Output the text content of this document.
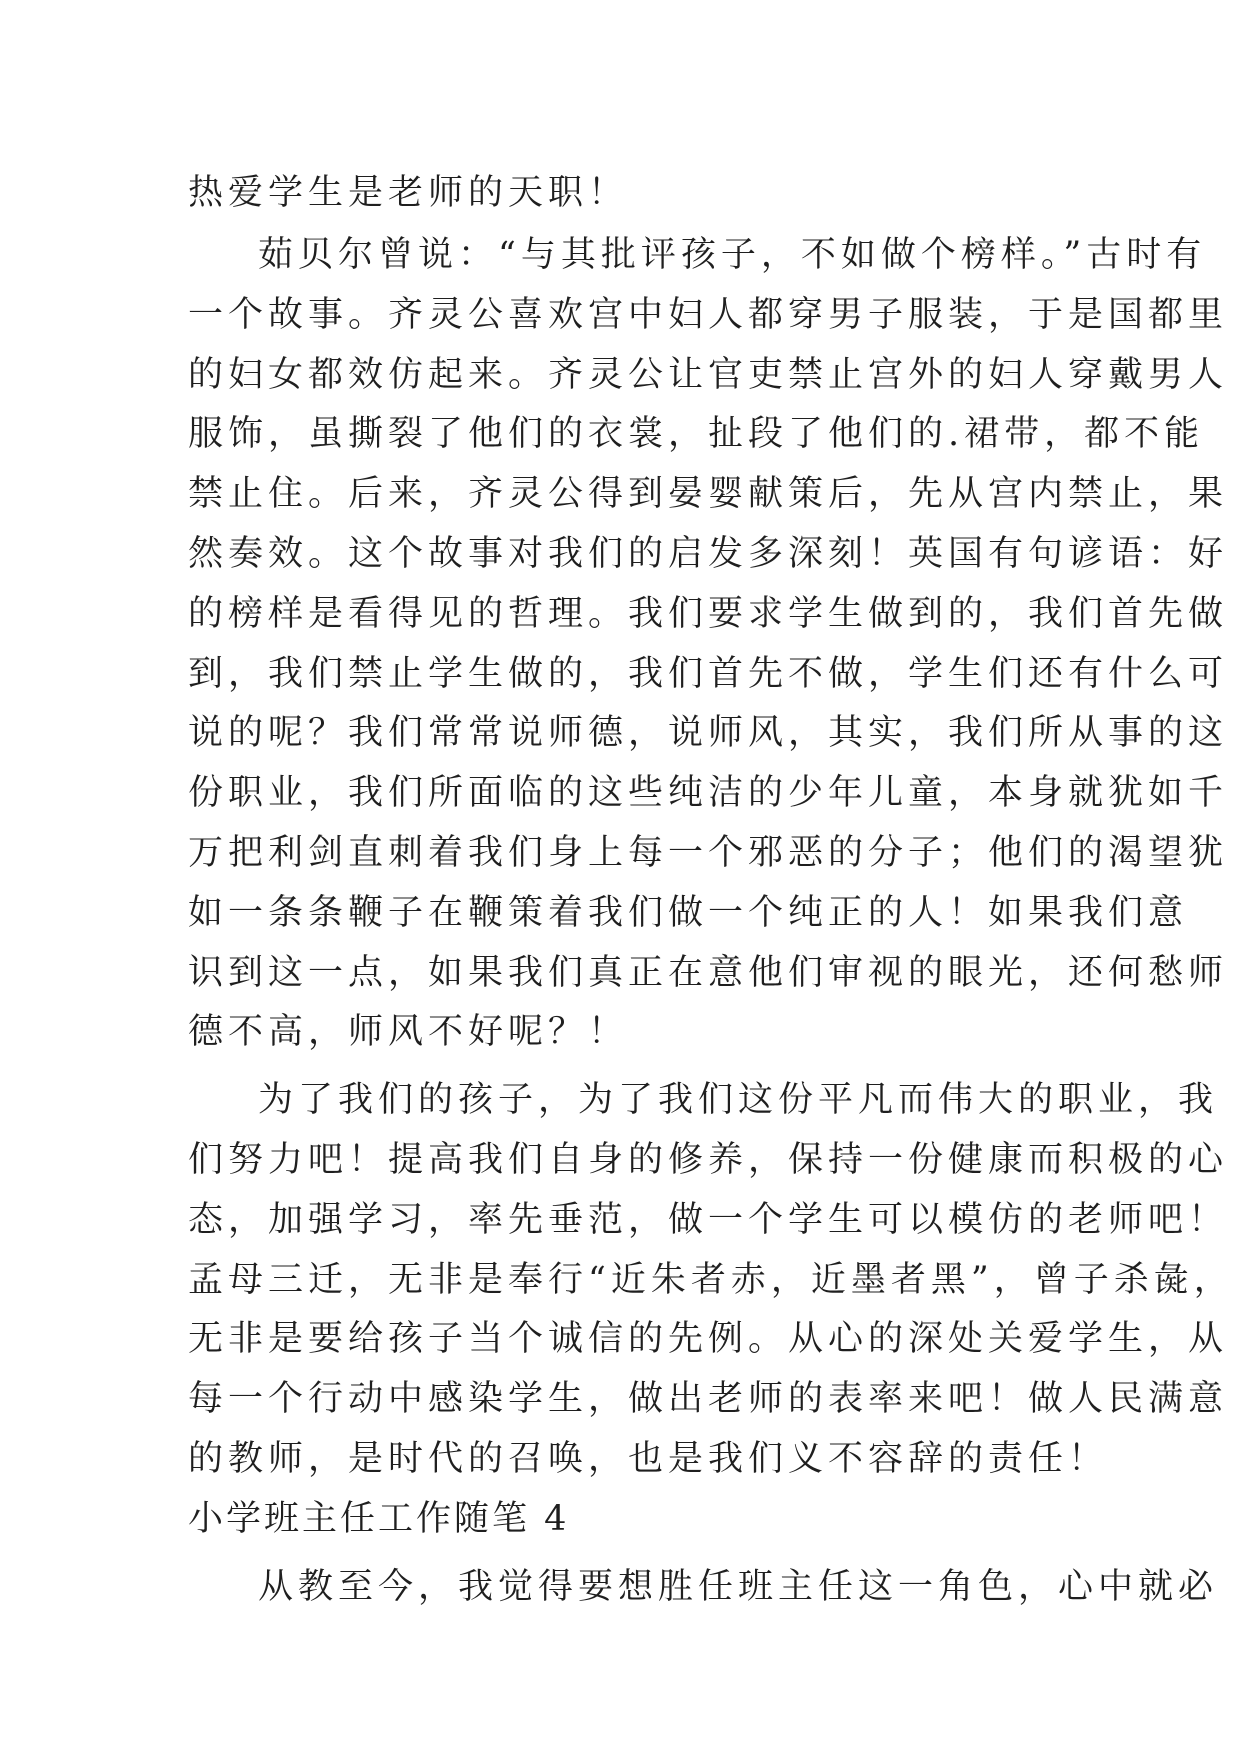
热爱学生是老师的天职！
茹贝尔曾说：“与其批评孩子，不如做个榜样。”古时有
一个故事。齐灵公喜欢宫中妇人都穿男子服装，于是国都里
的妇女都效仿起来。齐灵公让官吏禁止宫外的妇人穿戴男人
服饰，虽撕裂了他们的衣裳，扯段了他们的.裙带，都不能
禁止住。后来，齐灵公得到晏婴献策后，先从宫内禁止，果
然奏效。这个故事对我们的启发多深刻！英国有句谚语：好
的榜样是看得见的哲理。我们要求学生做到的，我们首先做
到，我们禁止学生做的，我们首先不做，学生们还有什么可
说的呢？我们常常说师德，说师风，其实，我们所从事的这
份职业，我们所面临的这些纯洁的少年儿童，本身就犹如千
万把利剑直刺着我们身上每一个邪恶的分子；他们的渴望犹
如一条条鞭子在鞭策着我们做一个纯正的人！如果我们意
识到这一点，如果我们真正在意他们审视的眼光，还何愁师
德不高，师风不好呢？！
为了我们的孩子，为了我们这份平凡而伟大的职业，我
们努力吧！提高我们自身的修养，保持一份健康而积极的心
态，加强学习，率先垂范，做一个学生可以模仿的老师吧！
孟母三迁，无非是奉行“近朱者赤，近墨者黑”，曾子杀彘，
无非是要给孩子当个诚信的先例。从心的深处关爱学生，从
每一个行动中感染学生，做出老师的表率来吧！做人民满意
的教师，是时代的召唤，也是我们义不容辞的责任！
小学班主任工作随笔 4
从教至今，我觉得要想胜任班主任这一角色，心中就必
